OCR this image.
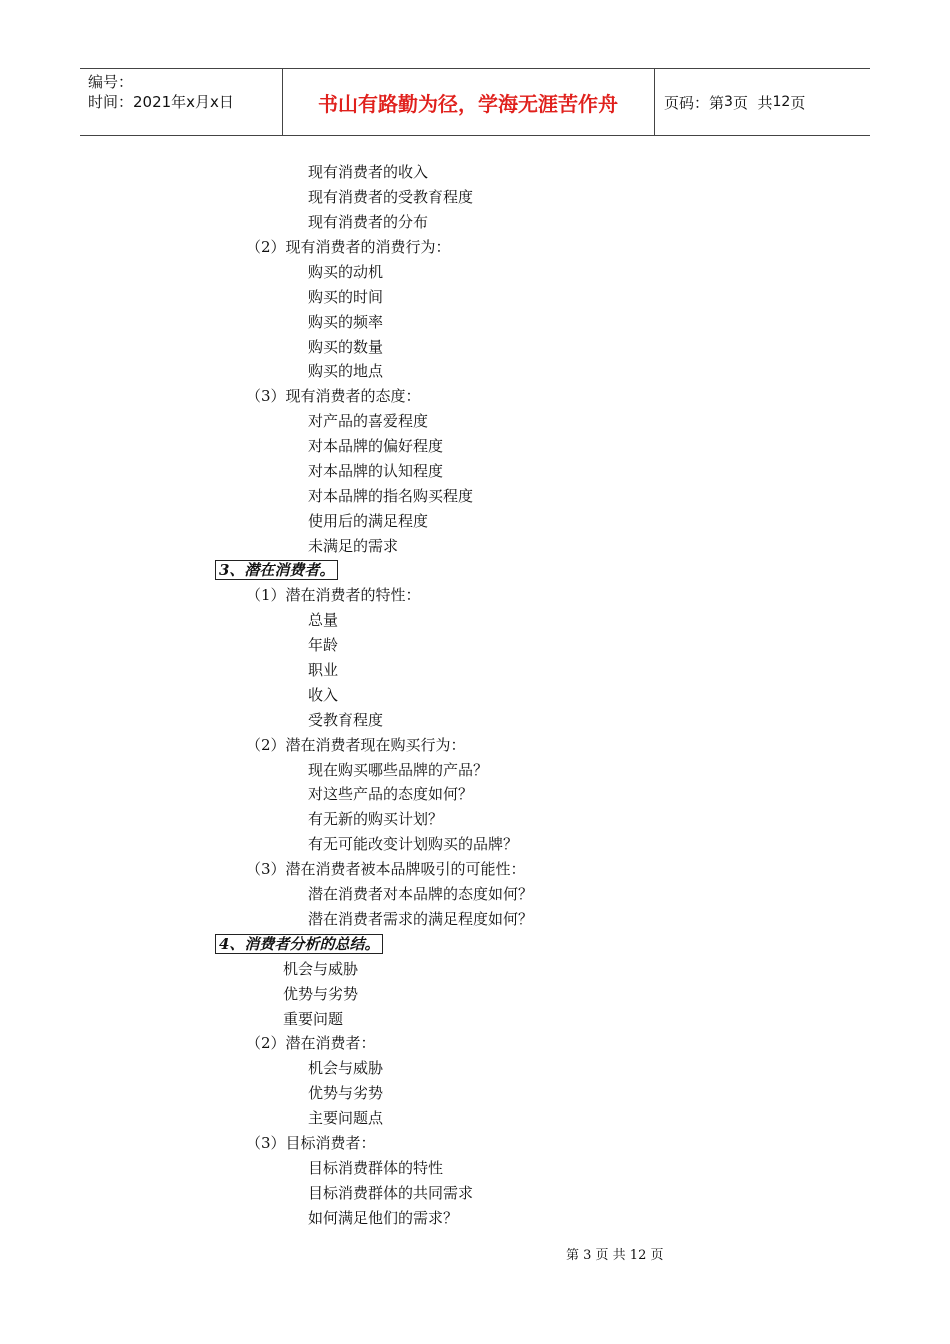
编号：
时间：2021年x月x日	书山有路勤为径，学海无涯苦作舟	页码：第 3 页  共 12 页
现有消费者的收入
现有消费者的受教育程度
现有消费者的分布
（2）现有消费者的消费行为：
购买的动机
购买的时间
购买的频率
购买的数量
购买的地点
（3）现有消费者的态度：
对产品的喜爱程度
对本品牌的偏好程度
对本品牌的认知程度
对本品牌的指名购买程度
使用后的满足程度
未满足的需求
3、潜在消费者。
（1）潜在消费者的特性：
总量
年龄
职业
收入
受教育程度
（2）潜在消费者现在购买行为：
现在购买哪些品牌的产品？
对这些产品的态度如何？
有无新的购买计划？
有无可能改变计划购买的品牌？
（3）潜在消费者被本品牌吸引的可能性：
潜在消费者对本品牌的态度如何？
潜在消费者需求的满足程度如何？
4、消费者分析的总结。
机会与威胁
优势与劣势
重要问题
（2）潜在消费者：
机会与威胁
优势与劣势
主要问题点
（3）目标消费者：
目标消费群体的特性
目标消费群体的共同需求
如何满足他们的需求？
第 3 页 共 12 页
